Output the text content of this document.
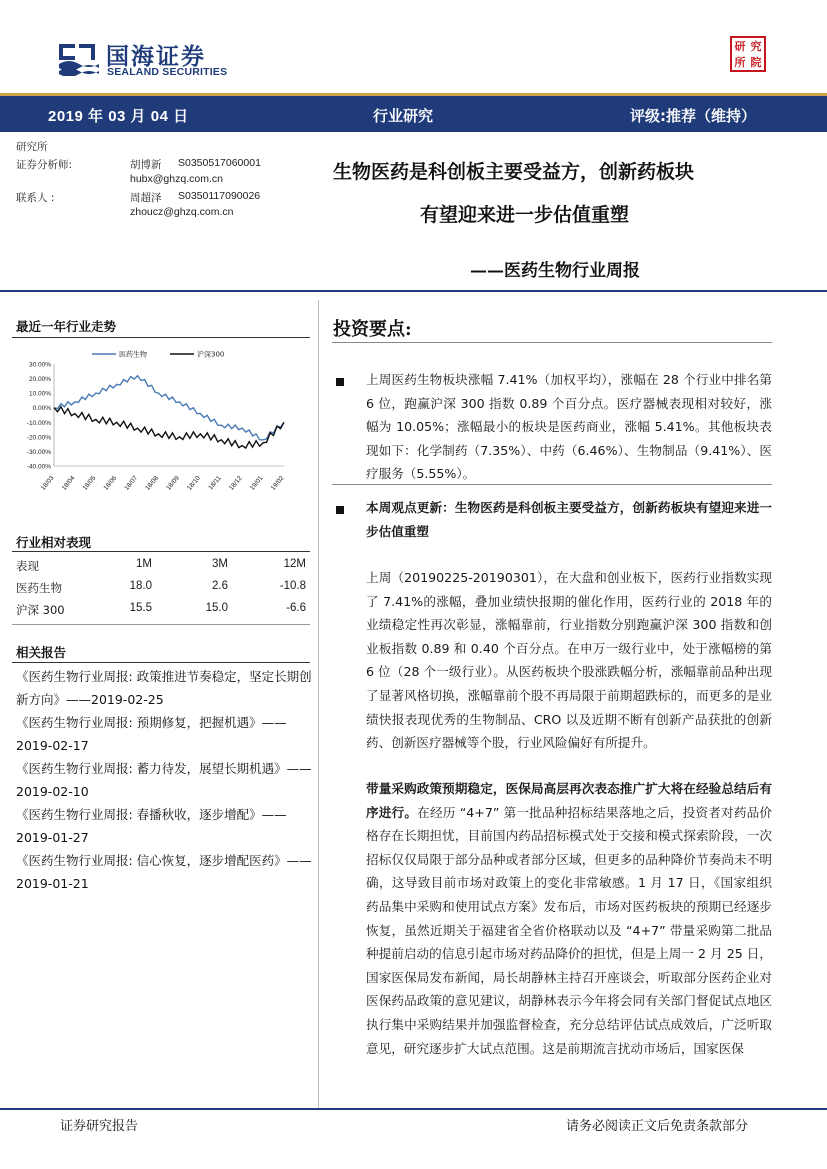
国海证券
SEALAND SECURITIES
研 究
所 院
2019 年 03 月 04 日	行业研究	评级:推荐（维持）
研究所
证券分析师:	胡博新 S0350517060001
hubx@ghzq.com.cn
联系人 :	周超泽 S0350117090026
zhoucz@ghzq.com.cn
生物医药是科创板主要受益方，创新药板块
有望迎来进一步估值重塑
——医药生物行业周报
最近一年行业走势
30.00%
20.00%
10.00%
0.00%
-10.00%
-20.00%
-30.00%
-40.00%
18/03 18/04 18/05 18/06 18/07 18/08 18/09 18/10 18/11 18/12 19/01 19/02
医药生物	沪深300
行业相对表现
表现	1M	3M	12M
医药生物	18.0	2.6	-10.8
沪深 300	15.5	15.0	-6.6
相关报告
《医药生物行业周报: 政策推进节奏稳定，坚定长期创新方向》——2019-02-25
《医药生物行业周报: 预期修复，把握机遇》——2019-02-17
《医药生物行业周报: 蓄力待发，展望长期机遇》——2019-02-10
《医药生物行业周报: 春播秋收，逐步增配》——2019-01-27
《医药生物行业周报: 信心恢复，逐步增配医药》——2019-01-21
投资要点:
上周医药生物板块涨幅 7.41%（加权平均），涨幅在 28 个行业中排名第 6 位，跑赢沪深 300 指数 0.89 个百分点。医疗器械表现相对较好，涨幅为 10.05%；涨幅最小的板块是医药商业，涨幅 5.41%。其他板块表现如下：化学制药（7.35%）、中药（6.46%）、生物制品（9.41%）、医疗服务（5.55%）。
本周观点更新：生物医药是科创板主要受益方，创新药板块有望迎来进一步估值重塑
上周（20190225-20190301），在大盘和创业板下，医药行业指数实现了 7.41%的涨幅，叠加业绩快报期的催化作用，医药行业的 2018 年的业绩稳定性再次彰显，涨幅靠前，行业指数分别跑赢沪深 300 指数和创业板指数 0.89 和 0.40 个百分点。在申万一级行业中，处于涨幅榜的第 6 位（28 个一级行业）。从医药板块个股涨跌幅分析，涨幅靠前品种出现了显著风格切换，涨幅靠前个股不再局限于前期超跌标的，而更多的是业绩快报表现优秀的生物制品、CRO 以及近期不断有创新产品获批的创新药、创新医疗器械等个股，行业风险偏好有所提升。
带量采购政策预期稳定，医保局高层再次表态推广扩大将在经验总结后有序进行。在经历 “4+7” 第一批品种招标结果落地之后，投资者对药品价格存在长期担忧，目前国内药品招标模式处于交接和模式探索阶段，一次招标仅仅局限于部分品种或者部分区域，但更多的品种降价节奏尚未不明确，这导致目前市场对政策上的变化非常敏感。1 月 17 日，《国家组织药品集中采购和使用试点方案》发布后，市场对医药板块的预期已经逐步恢复，虽然近期关于福建省全省价格联动以及 “4+7” 带量采购第二批品种提前启动的信息引起市场对药品降价的担忧，但是上周一 2 月 25 日，国家医保局发布新闻，局长胡静林主持召开座谈会，听取部分医药企业对医保药品政策的意见建议，胡静林表示今年将会同有关部门督促试点地区执行集中采购结果并加强监督检查，充分总结评估试点成效后，广泛听取意见，研究逐步扩大试点范围。这是前期流言扰动市场后，国家医保
证券研究报告	请务必阅读正文后免责条款部分
